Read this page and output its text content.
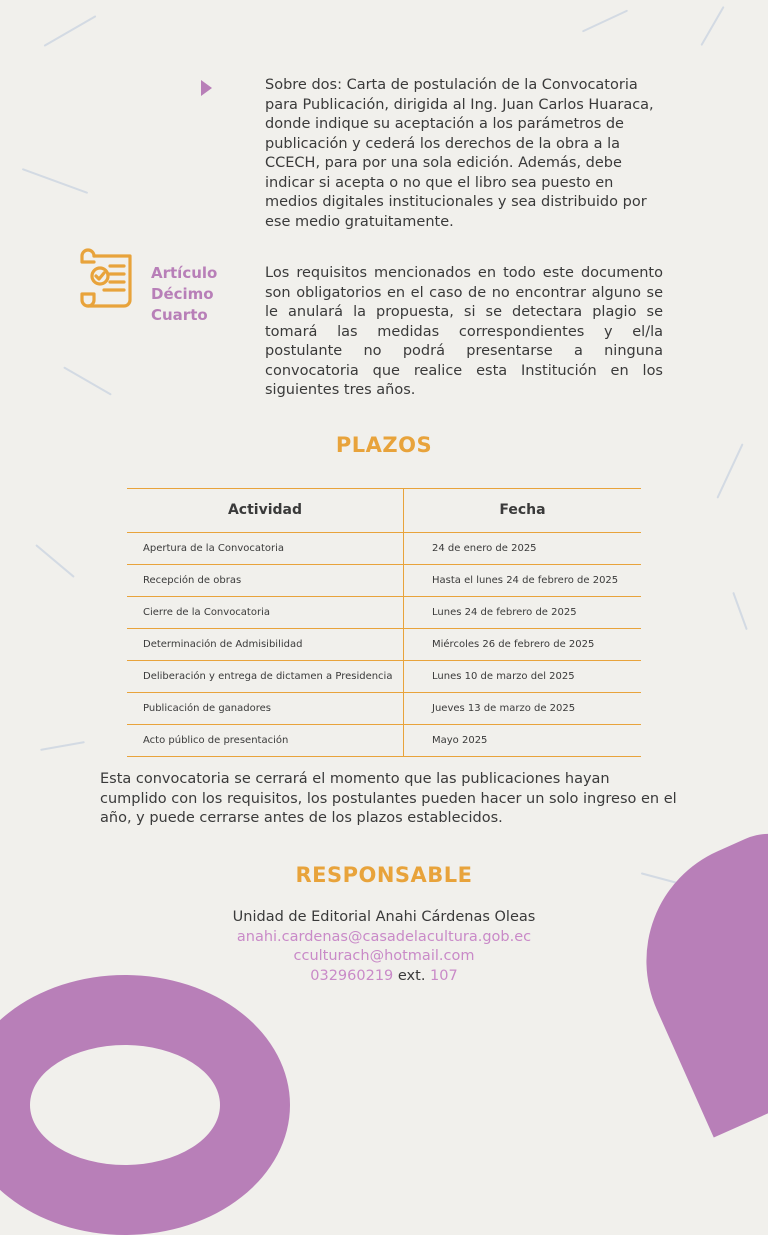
Sobre dos: Carta de postulación de la Convocatoria para Publicación, dirigida al Ing. Juan Carlos Huaraca, donde indique su aceptación a los parámetros de publicación y cederá los derechos de la obra a la CCECH, para por una sola edición. Además, debe indicar si acepta o no que el libro sea puesto en medios digitales institucionales y sea distribuido por ese medio gratuitamente.
Artículo
Décimo
Cuarto
Los requisitos mencionados en todo este documento son obligatorios en el caso de no encontrar alguno se le anulará la propuesta, si se detectara plagio se tomará las medidas correspondientes y el/la postulante no podrá presentarse a ninguna convocatoria que realice esta Institución en los siguientes tres años.
PLAZOS
Actividad	Fecha
Apertura de la Convocatoria	24 de enero de 2025
Recepción de obras	Hasta el lunes 24 de febrero de 2025
Cierre de la Convocatoria	Lunes 24 de febrero de 2025
Determinación de Admisibilidad	Miércoles 26 de febrero de 2025
Deliberación y entrega de dictamen a Presidencia	Lunes 10 de marzo del 2025
Publicación de ganadores	Jueves 13 de marzo de 2025
Acto público de presentación	Mayo 2025
Esta convocatoria se cerrará el momento que las publicaciones hayan cumplido con los requisitos, los postulantes pueden hacer un solo ingreso en el año, y puede cerrarse antes de los plazos establecidos.
RESPONSABLE
Unidad de Editorial Anahi Cárdenas Oleas
anahi.cardenas@casadelacultura.gob.ec
cculturach@hotmail.com
032960219 ext. 107
